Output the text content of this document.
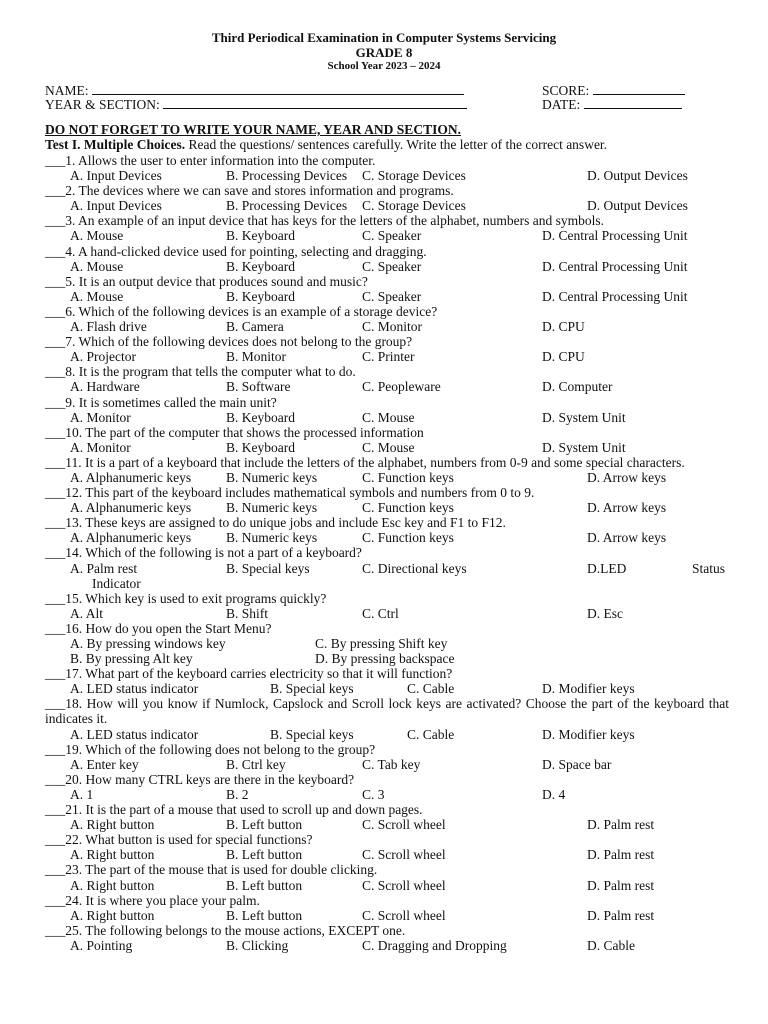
Third Periodical Examination in Computer Systems Servicing
GRADE 8
School Year 2023 – 2024
NAME:	SCORE:
YEAR & SECTION:	DATE:
DO NOT FORGET TO WRITE YOUR NAME, YEAR AND SECTION.
Test I. Multiple Choices. Read the questions/ sentences carefully. Write the letter of the correct answer.
___1. Allows the user to enter information into the computer.
A. Input Devices	B. Processing Devices C. Storage Devices	D. Output Devices
___2. The devices where we can save and stores information and programs.
A. Input Devices	B. Processing Devices C. Storage Devices	D. Output Devices
___3. An example of an input device that has keys for the letters of the alphabet, numbers and symbols.
A. Mouse	B. Keyboard	C. Speaker	D. Central Processing Unit
___4. A hand-clicked device used for pointing, selecting and dragging.
A. Mouse	B. Keyboard	C. Speaker	D. Central Processing Unit
___5. It is an output device that produces sound and music?
A. Mouse	B. Keyboard	C. Speaker	D. Central Processing Unit
___6. Which of the following devices is an example of a storage device?
A. Flash drive	B. Camera	C. Monitor	D. CPU
___7. Which of the following devices does not belong to the group?
A. Projector	B. Monitor	C. Printer	D. CPU
___8. It is the program that tells the computer what to do.
A. Hardware	B. Software	C. Peopleware	D. Computer
___9. It is sometimes called the main unit?
A. Monitor	B. Keyboard	C. Mouse	D. System Unit
___10. The part of the computer that shows the processed information
A. Monitor	B. Keyboard	C. Mouse	D. System Unit
___11. It is a part of a keyboard that include the letters of the alphabet, numbers from 0-9 and some special characters.
A. Alphanumeric keys	B. Numeric keys	C. Function keys	D. Arrow keys
___12. This part of the keyboard includes mathematical symbols and numbers from 0 to 9.
A. Alphanumeric keys	B. Numeric keys	C. Function keys	D. Arrow keys
___13. These keys are assigned to do unique jobs and include Esc key and F1 to F12.
A. Alphanumeric keys	B. Numeric keys	C. Function keys	D. Arrow keys
___14. Which of the following is not a part of a keyboard?
A. Palm rest	B. Special keys	C. Directional keys	D.LED	Status
Indicator
___15. Which key is used to exit programs quickly?
A. Alt	B. Shift	C. Ctrl	D. Esc
___16. How do you open the Start Menu?
A. By pressing windows key	C. By pressing Shift key
B. By pressing Alt key	D. By pressing backspace
___17. What part of the keyboard carries electricity so that it will function?
A. LED status indicator	B. Special keys	C. Cable	D. Modifier keys
___18. How will you know if Numlock, Capslock and Scroll lock keys are activated? Choose the part of the keyboard that indicates it.
A. LED status indicator	B. Special keys	C. Cable	D. Modifier keys
___19. Which of the following does not belong to the group?
A. Enter key	B. Ctrl key	C. Tab key	D. Space bar
___20. How many CTRL keys are there in the keyboard?
A. 1	B. 2	C. 3	D. 4
___21. It is the part of a mouse that used to scroll up and down pages.
A. Right button	B. Left button	C. Scroll wheel	D. Palm rest
___22. What button is used for special functions?
A. Right button	B. Left button	C. Scroll wheel	D. Palm rest
___23. The part of the mouse that is used for double clicking.
A. Right button	B. Left button	C. Scroll wheel	D. Palm rest
___24. It is where you place your palm.
A. Right button	B. Left button	C. Scroll wheel	D. Palm rest
___25. The following belongs to the mouse actions, EXCEPT one.
A. Pointing	B. Clicking	C. Dragging and Dropping	D. Cable
